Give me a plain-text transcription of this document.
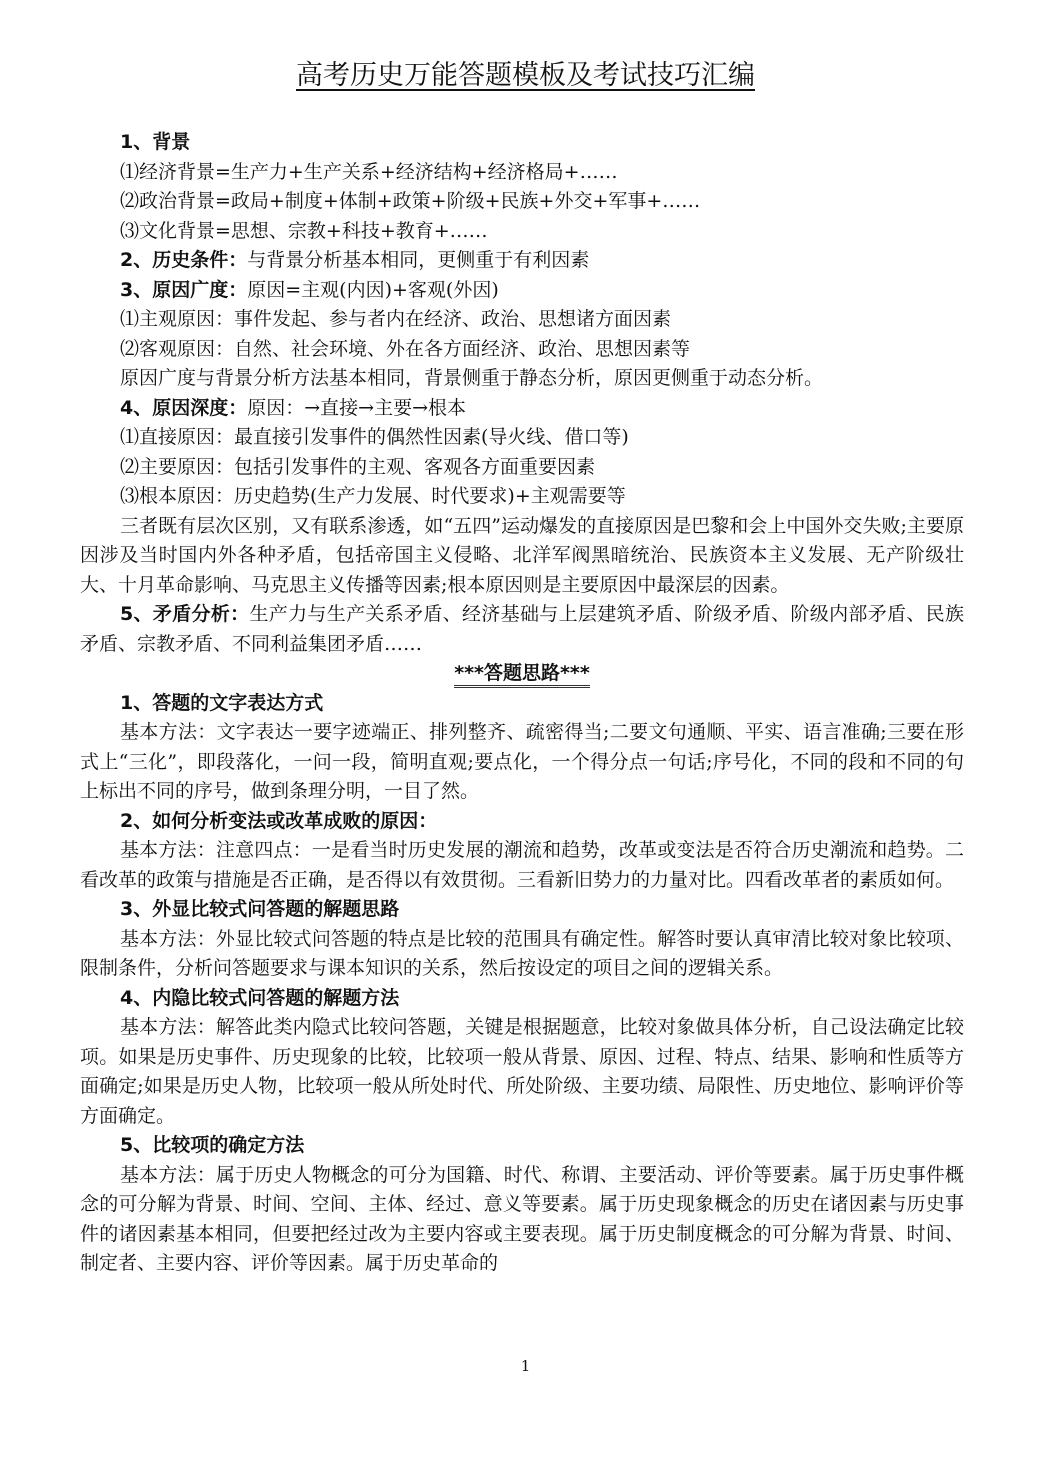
高考历史万能答题模板及考试技巧汇编

1、背景

⑴经济背景=生产力+生产关系+经济结构+经济格局+……

⑵政治背景=政局+制度+体制+政策+阶级+民族+外交+军事+……

⑶文化背景=思想、宗教+科技+教育+……

2、历史条件：与背景分析基本相同，更侧重于有利因素

3、原因广度：原因=主观(内因)+客观(外因)

⑴主观原因：事件发起、参与者内在经济、政治、思想诸方面因素

⑵客观原因：自然、社会环境、外在各方面经济、政治、思想因素等

原因广度与背景分析方法基本相同，背景侧重于静态分析，原因更侧重于动态分析。

4、原因深度：原因：→直接→主要→根本

⑴直接原因：最直接引发事件的偶然性因素(导火线、借口等)

⑵主要原因：包括引发事件的主观、客观各方面重要因素

⑶根本原因：历史趋势(生产力发展、时代要求)+主观需要等

三者既有层次区别，又有联系渗透，如“五四”运动爆发的直接原因是巴黎和会上中国外交失败;主要原因涉及当时国内外各种矛盾，包括帝国主义侵略、北洋军阀黑暗统治、民族资本主义发展、无产阶级壮大、十月革命影响、马克思主义传播等因素;根本原因则是主要原因中最深层的因素。

5、矛盾分析：生产力与生产关系矛盾、经济基础与上层建筑矛盾、阶级矛盾、阶级内部矛盾、民族矛盾、宗教矛盾、不同利益集团矛盾……

***答题思路***

1、答题的文字表达方式

基本方法：文字表达一要字迹端正、排列整齐、疏密得当;二要文句通顺、平实、语言准确;三要在形式上“三化”，即段落化，一问一段，简明直观;要点化，一个得分点一句话;序号化，不同的段和不同的句上标出不同的序号，做到条理分明，一目了然。

2、如何分析变法或改革成败的原因：

基本方法：注意四点：一是看当时历史发展的潮流和趋势，改革或变法是否符合历史潮流和趋势。二看改革的政策与措施是否正确，是否得以有效贯彻。三看新旧势力的力量对比。四看改革者的素质如何。

3、外显比较式问答题的解题思路

基本方法：外显比较式问答题的特点是比较的范围具有确定性。解答时要认真审清比较对象比较项、限制条件，分析问答题要求与课本知识的关系，然后按设定的项目之间的逻辑关系。

4、内隐比较式问答题的解题方法

基本方法：解答此类内隐式比较问答题，关键是根据题意，比较对象做具体分析，自己设法确定比较项。如果是历史事件、历史现象的比较，比较项一般从背景、原因、过程、特点、结果、影响和性质等方面确定;如果是历史人物，比较项一般从所处时代、所处阶级、主要功绩、局限性、历史地位、影响评价等方面确定。

5、比较项的确定方法

基本方法：属于历史人物概念的可分为国籍、时代、称谓、主要活动、评价等要素。属于历史事件概念的可分解为背景、时间、空间、主体、经过、意义等要素。属于历史现象概念的历史在诸因素与历史事件的诸因素基本相同，但要把经过改为主要内容或主要表现。属于历史制度概念的可分解为背景、时间、制定者、主要内容、评价等因素。属于历史革命的

1
